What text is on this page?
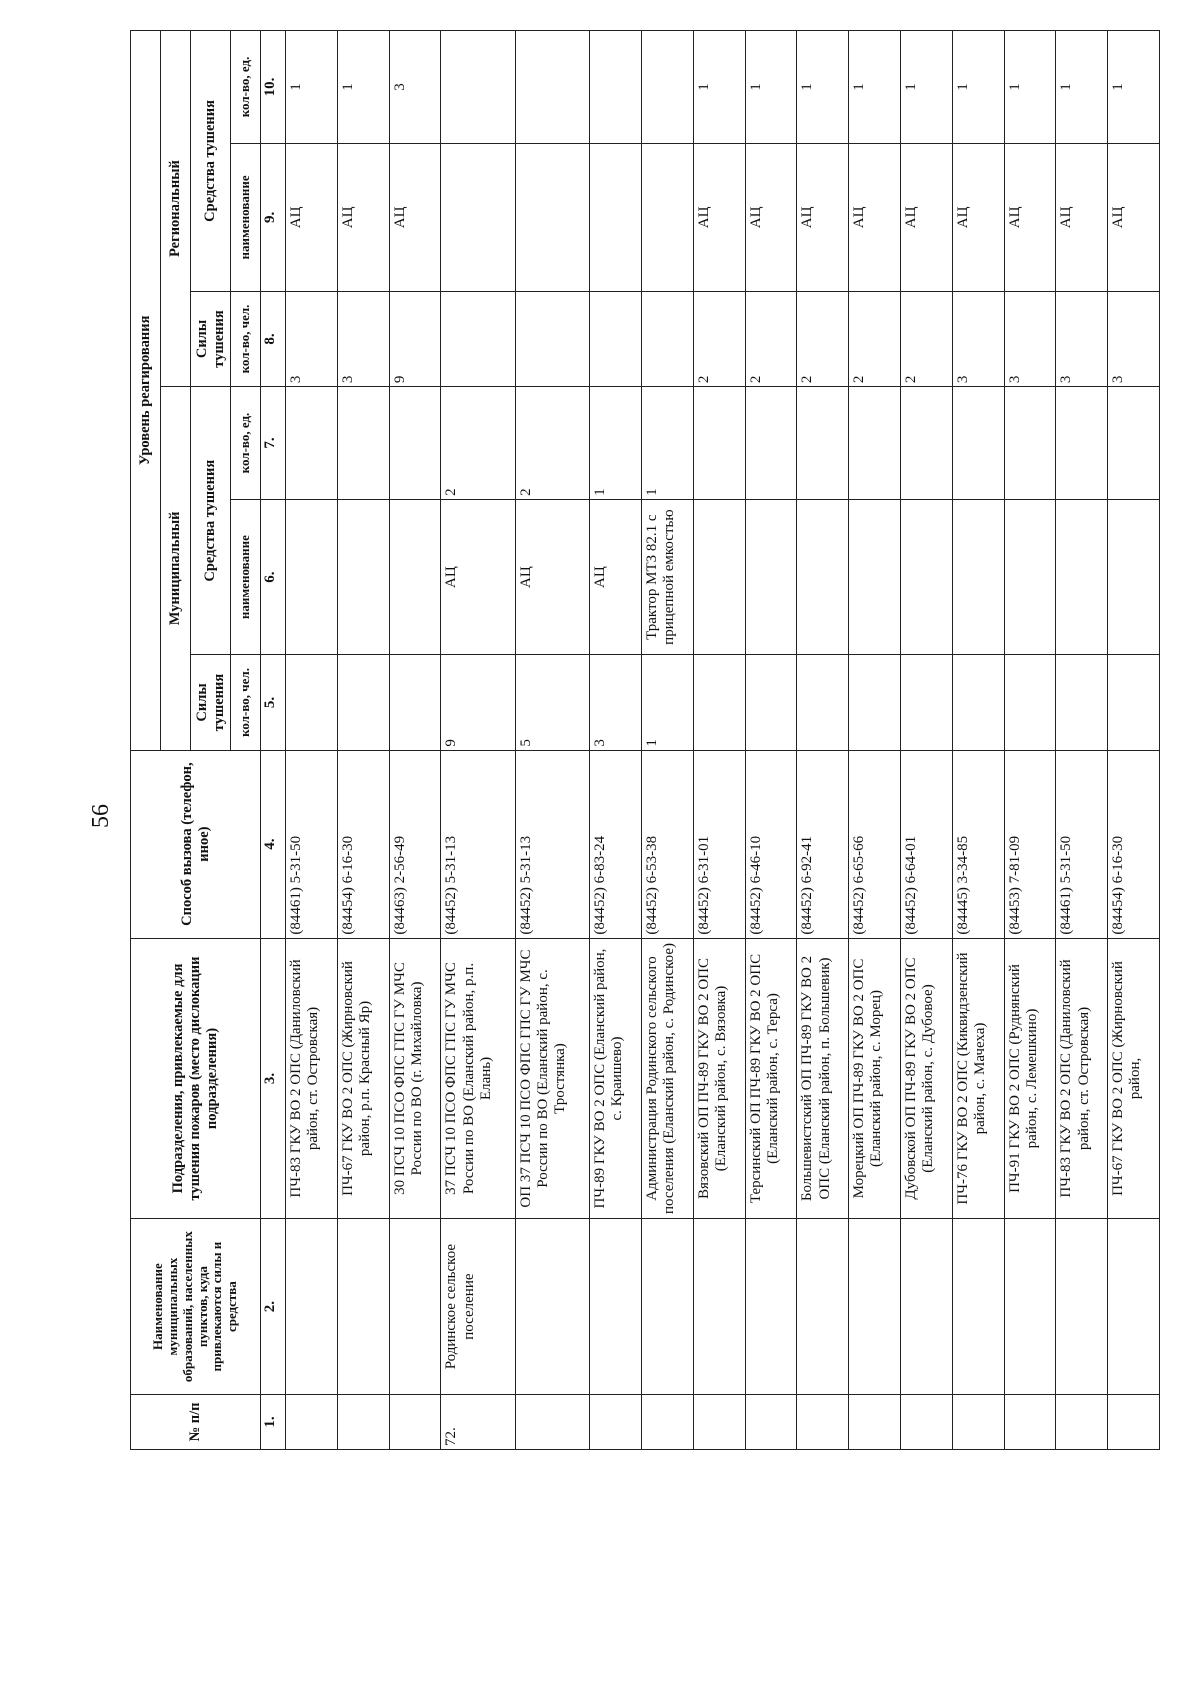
56
№ п/п	Наименование муниципальных образований, населенных пунктов, куда привлекаются силы и средства	Подразделения, привлекаемые для тушения пожаров (место дислокации подразделения)	Способ вызова (телефон, иное)	Уровень реагирования					
				Муниципальный			Региональный		
				Силы тушения	Средства тушения		Силы тушения	Средства тушения	
				кол-во, чел.	наименование	кол-во, ед.	кол-во, чел.	наименование	кол-во, ед.
1.	2.	3.	4.	5.	6.	7.	8.	9.	10.
		ПЧ-83 ГКУ ВО 2 ОПС (Даниловский район, ст. Островская)	(84461) 5-31-50				3	АЦ	1
		ПЧ-67 ГКУ ВО 2 ОПС (Жирновский район, р.п. Красный Яр)	(84454) 6-16-30				3	АЦ	1
		30 ПСЧ 10 ПСО ФПС ГПС ГУ МЧС России по ВО (г. Михайловка)	(84463) 2-56-49				9	АЦ	3
72.	Родинское сельское поселение	37 ПСЧ 10 ПСО ФПС ГПС ГУ МЧС России по ВО (Еланский район, р.п. Елань)	(84452) 5-31-13	9	АЦ	2			
		ОП 37 ПСЧ 10 ПСО ФПС ГПС ГУ МЧС России по ВО (Еланский район, с. Тростянка)	(84452) 5-31-13	5	АЦ	2			
		ПЧ-89 ГКУ ВО 2 ОПС (Еланский район, с. Краишево)	(84452) 6-83-24	3	АЦ	1			
		Администрация Родинского сельского поселения (Еланский район, с. Родинское)	(84452) 6-53-38	1	Трактор МТЗ 82.1 с прицепной емкостью	1			
		Вязовский ОП ПЧ-89 ГКУ ВО 2 ОПС (Еланский район, с. Вязовка)	(84452) 6-31-01				2	АЦ	1
		Терсинский ОП ПЧ-89 ГКУ ВО 2 ОПС (Еланский район, с. Терса)	(84452) 6-46-10				2	АЦ	1
		Большевистский ОП ПЧ-89 ГКУ ВО 2 ОПС (Еланский район, п. Большевик)	(84452) 6-92-41				2	АЦ	1
		Морецкий ОП ПЧ-89 ГКУ ВО 2 ОПС (Еланский район, с. Морец)	(84452) 6-65-66				2	АЦ	1
		Дубовской ОП ПЧ-89 ГКУ ВО 2 ОПС (Еланский район, с. Дубовое)	(84452) 6-64-01				2	АЦ	1
		ПЧ-76 ГКУ ВО 2 ОПС (Киквидзенский район, с. Мачеха)	(84445) 3-34-85				3	АЦ	1
		ПЧ-91 ГКУ ВО 2 ОПС (Руднянский район, с. Лемешкино)	(84453) 7-81-09				3	АЦ	1
		ПЧ-83 ГКУ ВО 2 ОПС (Даниловский район, ст. Островская)	(84461) 5-31-50				3	АЦ	1
		ПЧ-67 ГКУ ВО 2 ОПС (Жирновский район,	(84454) 6-16-30				3	АЦ	1
